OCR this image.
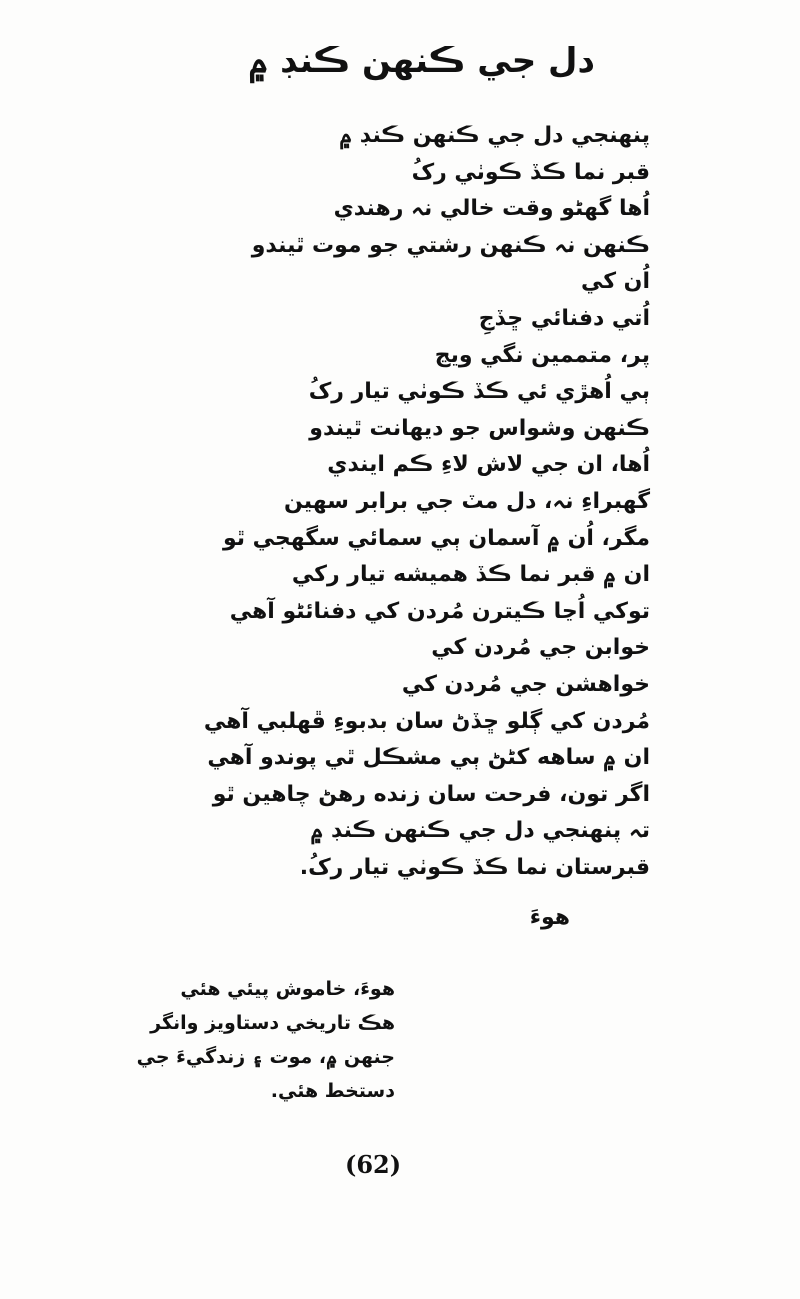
دل جي ڪنهن ڪنڊ ۾
پنهنجي دل جي ڪنهن ڪنڊ ۾
قبر نما ڪڏ ڪوٺي رکُ
اُها گهڻو وقت خالي نہ رهندي
ڪنهن نہ ڪنهن رشتي جو موت ٿيندو
اُن کي
اُتي دفنائي ڇڏجِ
پر، متممين نگي ويڃ
ٻي اُهڙي ئي ڪڏ ڪوٺي تيار رکُ
ڪنهن وشواس جو ديهانت ٿيندو
اُها، ان جي لاش لاءِ ڪم ايندي
گهبراءِ نہ، دل مٽ جي برابر سهين
مگر، اُن ۾ آسمان ٻي سمائي سگهجي ٿو
ان ۾ قبر نما ڪڏ هميشه تيار رکي
توکي اُڃا ڪيترن مُردن کي دفنائڻو آهي
خوابن جي مُردن کي
خواهشن جي مُردن کي
مُردن کي ڳلو ڇڏڻ سان بدبوءِ ڦهلبي آهي
ان ۾ ساهه کڻڻ ٻي مشڪل ٿي پوندو آهي
اگر تون، فرحت سان زنده رهڻ چاهين ٿو
تہ پنهنجي دل جي ڪنهن ڪنڊ ۾
قبرستان نما ڪڏ ڪوٺي تيار رکُ.
هوءَ
هوءَ، خاموش پيئي هئي
هڪ تاريخي دستاويز وانگر
جنهن ۾، موت ۽ زندگيءَ جي
دستخط هئي.
(62)
